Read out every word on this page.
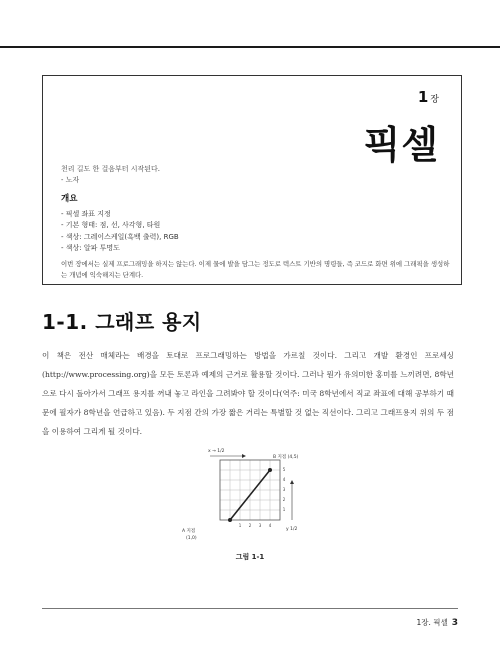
1 장
픽셀
천리 길도 한 걸음부터 시작된다.
- 노자
개요
- 픽셀 좌표 지정
- 기본 형태: 점, 선, 사각형, 타원
- 색상: 그레이스케일(흑백 출력), RGB
- 색상: 알파 투명도
이번 장에서는 실제 프로그래밍을 하지는 않는다. 이제 물에 발을 담그는 정도로 텍스트 기반의 명령들, 즉 코드로 화면 위에 그래픽을 생성하는 개념에 익숙해지는 단계다.
1-1. 그래프 용지
이 책은 전산 매체라는 배경을 토대로 프로그래밍하는 방법을 가르칠 것이다. 그리고 개발 환경인 프로세싱(http://www.processing.org)을 모든 토론과 예제의 근거로 활용할 것이다. 그러나 뭔가 유의미한 홍미를 느끼려면, 8학년으로 다시 돌아가서 그래프 용지를 꺼내 놓고 라인을 그려봐야 할 것이다(역주: 미국 8학년에서 직교 좌표에 대해 공부하기 때문에 필자가 8학년을 언급하고 있음). 두 지점 간의 가장 짧은 거리는 특별할 것 없는 직선이다. 그리고 그래프용지 위의 두 점을 이용하여 그리게 될 것이다.
x → 1/2
y 1/2
B 지점 (4,5)
A 지점
(1,0)
1 2 3 4
1
2
3
4
5
그림 1-1
1장. 픽셀 3
